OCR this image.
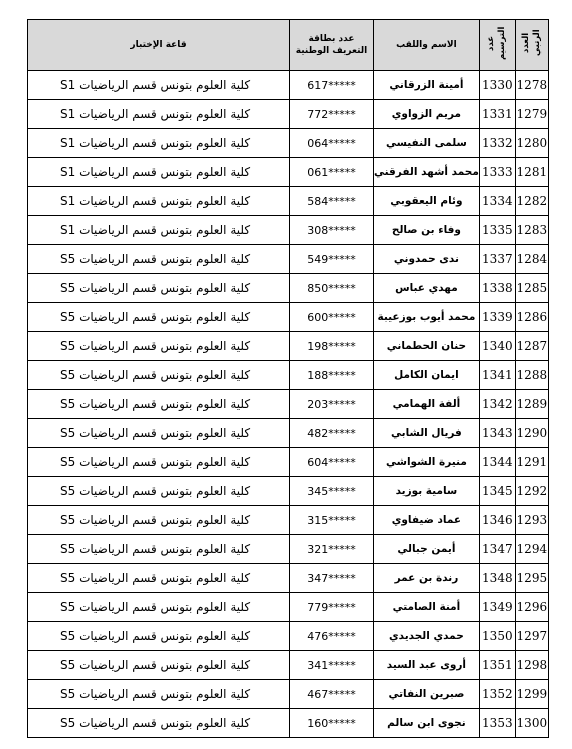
العدد الرتبي	عدد الترسيم	الاسم واللقب	عدد بطاقة التعريف الوطنية	قاعة الإختبار
1278	1330	أمينة الزرقاني	617*****	كلية العلوم بتونس قسم الرياضيات S1
1279	1331	مريم الزواوي	772*****	كلية العلوم بتونس قسم الرياضيات S1
1280	1332	سلمى النفيسي	064*****	كلية العلوم بتونس قسم الرياضيات S1
1281	1333	محمد أشهد الفرقني	061*****	كلية العلوم بتونس قسم الرياضيات S1
1282	1334	وئام اليعقوبي	584*****	كلية العلوم بتونس قسم الرياضيات S1
1283	1335	وفاء بن صالح	308*****	كلية العلوم بتونس قسم الرياضيات S1
1284	1337	ندى حمدوني	549*****	كلية العلوم بتونس قسم الرياضيات S5
1285	1338	مهدي عباس	850*****	كلية العلوم بتونس قسم الرياضيات S5
1286	1339	محمد أيوب بوزعيبة	600*****	كلية العلوم بتونس قسم الرياضيات S5
1287	1340	حنان الحطماني	198*****	كلية العلوم بتونس قسم الرياضيات S5
1288	1341	ايمان الكامل	188*****	كلية العلوم بتونس قسم الرياضيات S5
1289	1342	ألفة الهمامي	203*****	كلية العلوم بتونس قسم الرياضيات S5
1290	1343	فريال الشابي	482*****	كلية العلوم بتونس قسم الرياضيات S5
1291	1344	منيرة الشواشي	604*****	كلية العلوم بتونس قسم الرياضيات S5
1292	1345	سامية بوزيد	345*****	كلية العلوم بتونس قسم الرياضيات S5
1293	1346	عماد ضيفاوي	315*****	كلية العلوم بتونس قسم الرياضيات S5
1294	1347	أيمن جبالي	321*****	كلية العلوم بتونس قسم الرياضيات S5
1295	1348	رندة بن عمر	347*****	كلية العلوم بتونس قسم الرياضيات S5
1296	1349	أمنة الصامتي	779*****	كلية العلوم بتونس قسم الرياضيات S5
1297	1350	حمدي الجديدي	476*****	كلية العلوم بتونس قسم الرياضيات S5
1298	1351	أروى عبد السيد	341*****	كلية العلوم بتونس قسم الرياضيات S5
1299	1352	صبرين النفاتي	467*****	كلية العلوم بتونس قسم الرياضيات S5
1300	1353	نجوى ابن سالم	160*****	كلية العلوم بتونس قسم الرياضيات S5
